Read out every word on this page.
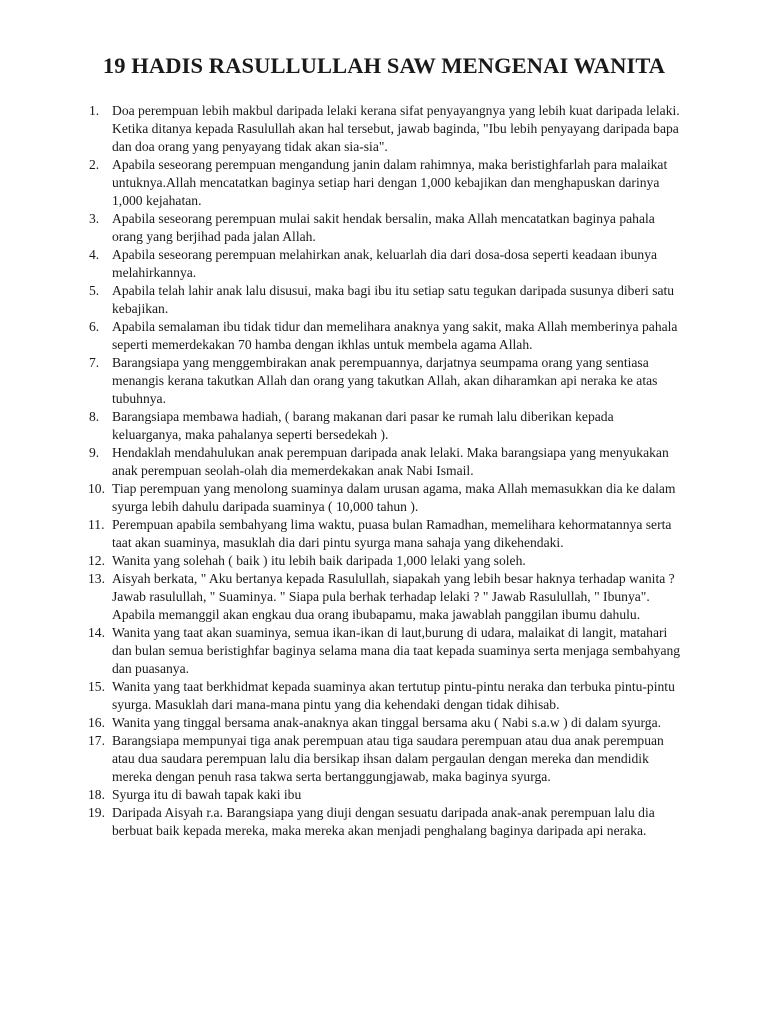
19 HADIS RASULLULLAH SAW MENGENAI WANITA
1. Doa perempuan lebih makbul daripada lelaki kerana sifat penyayangnya yang lebih kuat daripada lelaki. Ketika ditanya kepada Rasulullah akan hal tersebut, jawab baginda, "Ibu lebih penyayang daripada bapa dan doa orang yang penyayang tidak akan sia-sia".
2. Apabila seseorang perempuan mengandung janin dalam rahimnya, maka beristighfarlah para malaikat untuknya.Allah mencatatkan baginya setiap hari dengan 1,000 kebajikan dan menghapuskan darinya 1,000 kejahatan.
3. Apabila seseorang perempuan mulai sakit hendak bersalin, maka Allah mencatatkan baginya pahala orang yang berjihad pada jalan Allah.
4. Apabila seseorang perempuan melahirkan anak, keluarlah dia dari dosa-dosa seperti keadaan ibunya melahirkannya.
5. Apabila telah lahir anak lalu disusui, maka bagi ibu itu setiap satu tegukan daripada susunya diberi satu kebajikan.
6. Apabila semalaman ibu tidak tidur dan memelihara anaknya yang sakit, maka Allah memberinya pahala seperti memerdekakan 70 hamba dengan ikhlas untuk membela agama Allah.
7. Barangsiapa yang menggembirakan anak perempuannya, darjatnya seumpama orang yang sentiasa menangis kerana takutkan Allah dan orang yang takutkan Allah, akan diharamkan api neraka ke atas tubuhnya.
8. Barangsiapa membawa hadiah, ( barang makanan dari pasar ke rumah lalu diberikan kepada keluarganya, maka pahalanya seperti bersedekah ).
9. Hendaklah mendahulukan anak perempuan daripada anak lelaki. Maka barangsiapa yang menyukakan anak perempuan seolah-olah dia memerdekakan anak Nabi Ismail.
10. Tiap perempuan yang menolong suaminya dalam urusan agama, maka Allah memasukkan dia ke dalam syurga lebih dahulu daripada suaminya ( 10,000 tahun ).
11. Perempuan apabila sembahyang lima waktu, puasa bulan Ramadhan, memelihara kehormatannya serta taat akan suaminya, masuklah dia dari pintu syurga mana sahaja yang dikehendaki.
12. Wanita yang solehah ( baik ) itu lebih baik daripada 1,000 lelaki yang soleh.
13. Aisyah berkata, " Aku bertanya kepada Rasulullah, siapakah yang lebih besar haknya terhadap wanita ? Jawab rasulullah, " Suaminya. " Siapa pula berhak terhadap lelaki ? " Jawab Rasulullah, " Ibunya". Apabila memanggil akan engkau dua orang ibubapamu, maka jawablah panggilan ibumu dahulu.
14. Wanita yang taat akan suaminya, semua ikan-ikan di laut,burung di udara, malaikat di langit, matahari dan bulan semua beristighfar baginya selama mana dia taat kepada suaminya serta menjaga sembahyang dan puasanya.
15. Wanita yang taat berkhidmat kepada suaminya akan tertutup pintu-pintu neraka dan terbuka pintu-pintu syurga. Masuklah dari mana-mana pintu yang dia kehendaki dengan tidak dihisab.
16. Wanita yang tinggal bersama anak-anaknya akan tinggal bersama aku ( Nabi s.a.w ) di dalam syurga.
17. Barangsiapa mempunyai tiga anak perempuan atau tiga saudara perempuan atau dua anak perempuan atau dua saudara perempuan lalu dia bersikap ihsan dalam pergaulan dengan mereka dan mendidik mereka dengan penuh rasa takwa serta bertanggungjawab, maka baginya syurga.
18. Syurga itu di bawah tapak kaki ibu
19. Daripada Aisyah r.a. Barangsiapa yang diuji dengan sesuatu daripada anak-anak perempuan lalu dia berbuat baik kepada mereka, maka mereka akan menjadi penghalang baginya daripada api neraka.
